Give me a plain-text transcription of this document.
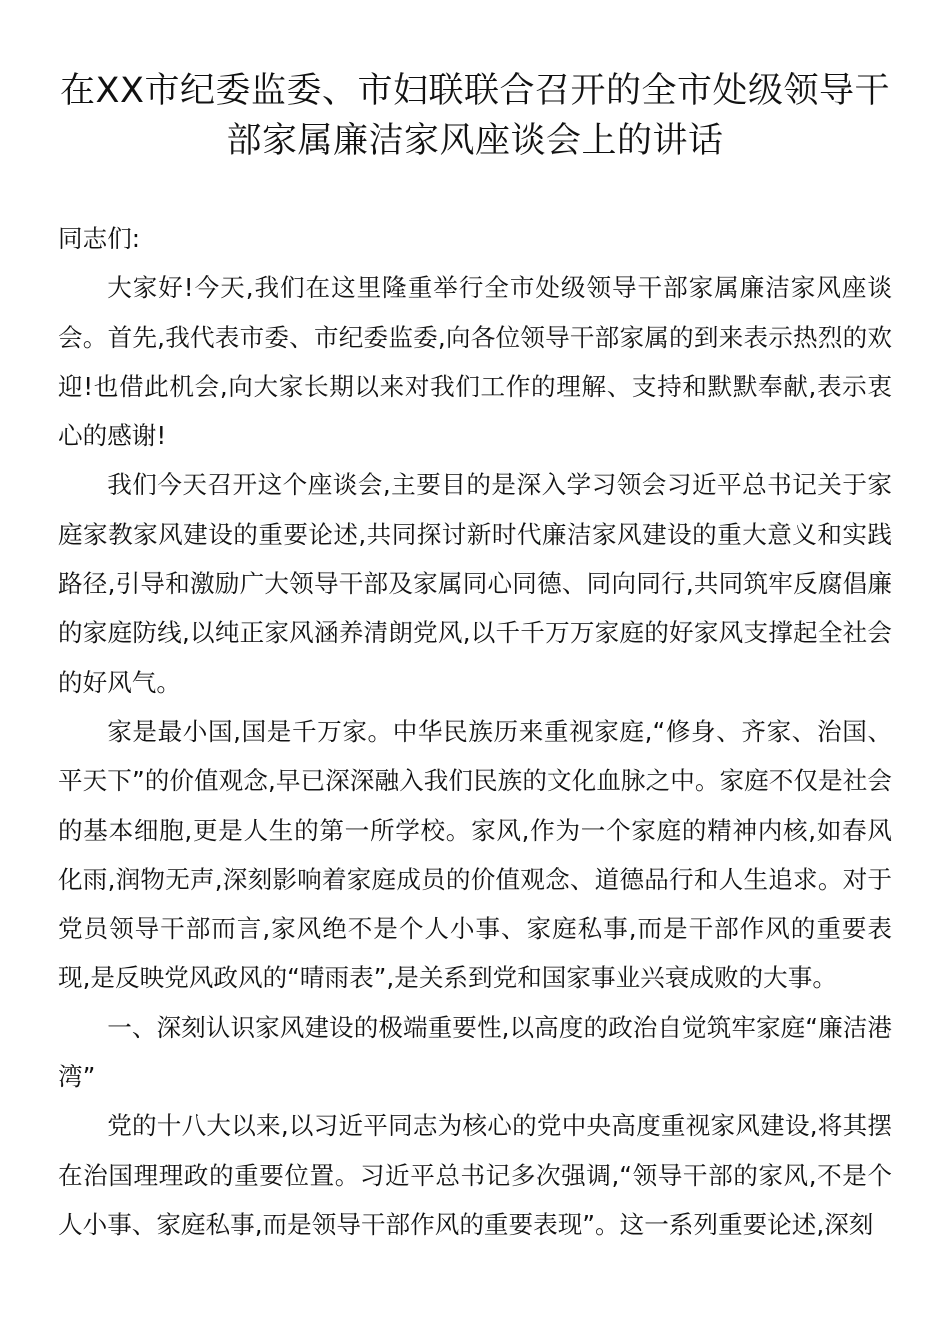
在XX市纪委监委、市妇联联合召开的全市处级领导干
部家属廉洁家风座谈会上的讲话

同志们:

大家好!今天,我们在这里隆重举行全市处级领导干部家属廉洁家风座谈会。首先,我代表市委、市纪委监委,向各位领导干部家属的到来表示热烈的欢迎!也借此机会,向大家长期以来对我们工作的理解、支持和默默奉献,表示衷心的感谢!

我们今天召开这个座谈会,主要目的是深入学习领会习近平总书记关于家庭家教家风建设的重要论述,共同探讨新时代廉洁家风建设的重大意义和实践路径,引导和激励广大领导干部及家属同心同德、同向同行,共同筑牢反腐倡廉的家庭防线,以纯正家风涵养清朗党风,以千千万万家庭的好家风支撑起全社会的好风气。

家是最小国,国是千万家。中华民族历来重视家庭,“修身、齐家、治国、平天下”的价值观念,早已深深融入我们民族的文化血脉之中。家庭不仅是社会的基本细胞,更是人生的第一所学校。家风,作为一个家庭的精神内核,如春风化雨,润物无声,深刻影响着家庭成员的价值观念、道德品行和人生追求。对于党员领导干部而言,家风绝不是个人小事、家庭私事,而是干部作风的重要表现,是反映党风政风的“晴雨表”,是关系到党和国家事业兴衰成败的大事。

一、深刻认识家风建设的极端重要性,以高度的政治自觉筑牢家庭“廉洁港湾”

党的十八大以来,以习近平同志为核心的党中央高度重视家风建设,将其摆在治国理理政的重要位置。习近平总书记多次强调,“领导干部的家风,不是个人小事、家庭私事,而是领导干部作风的重要表现”。这一系列重要论述,深刻
